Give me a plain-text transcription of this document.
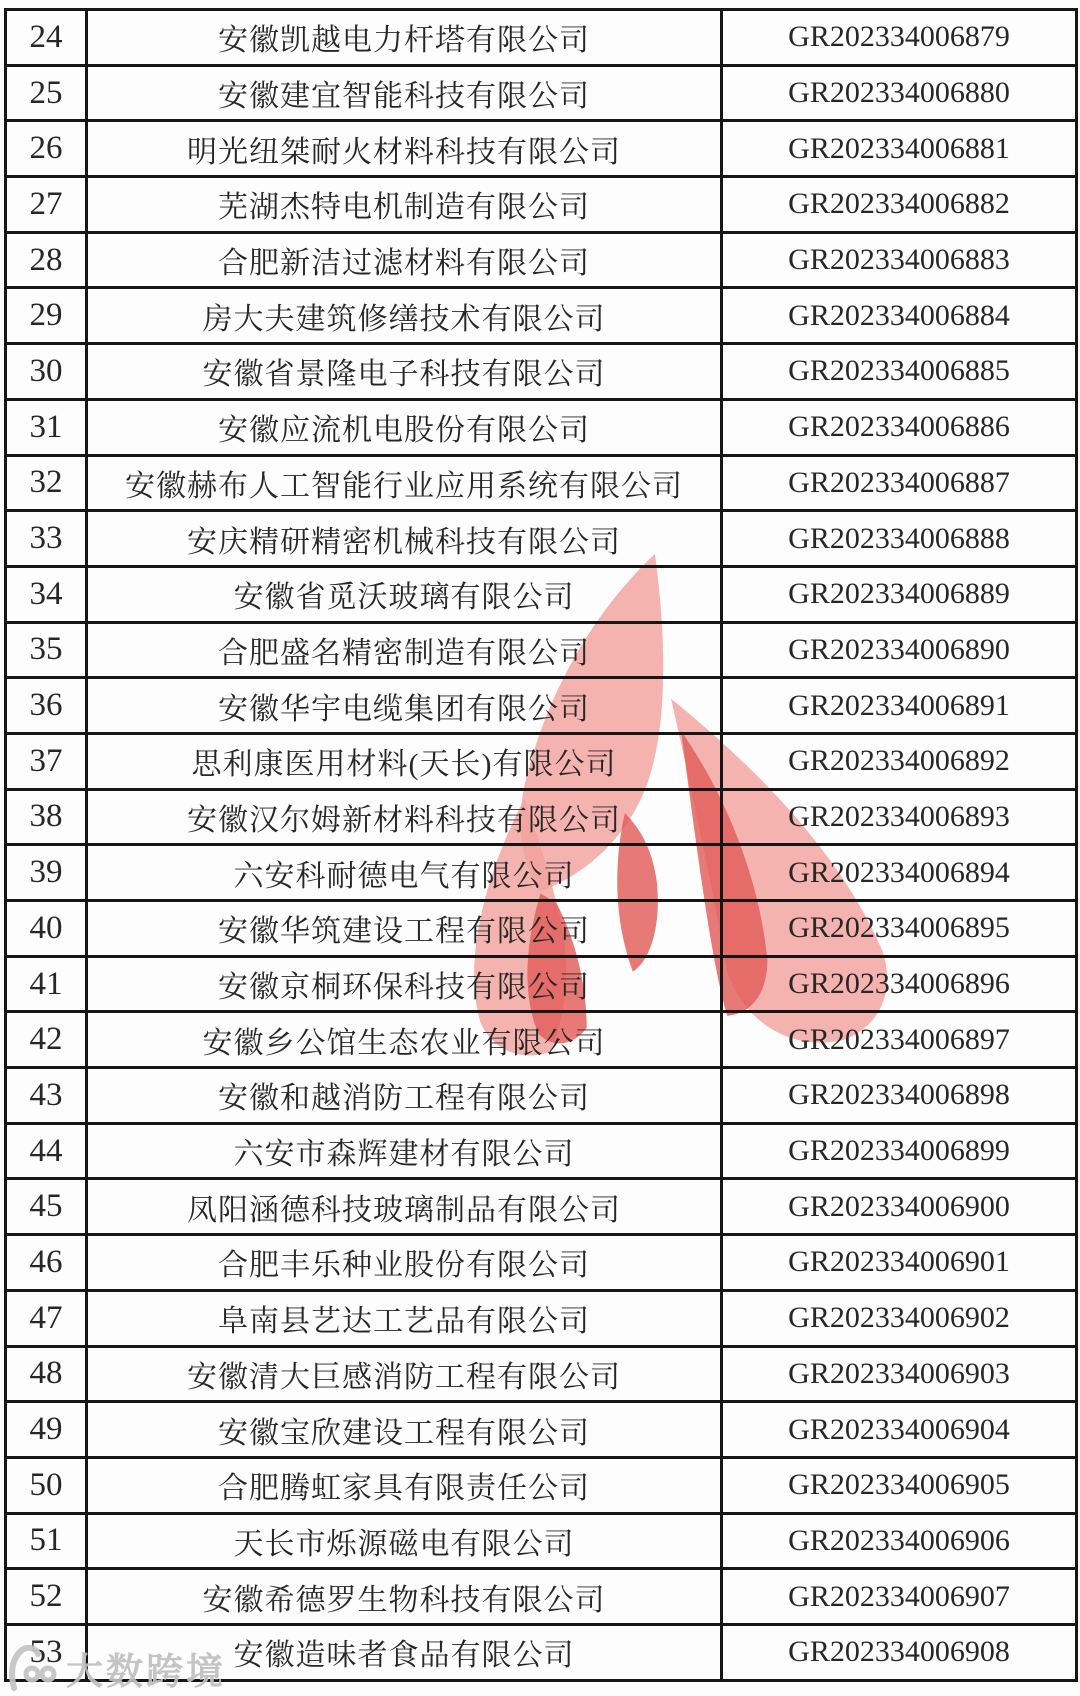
24	安徽凯越电力杆塔有限公司	GR202334006879
25	安徽建宜智能科技有限公司	GR202334006880
26	明光纽桀耐火材料科技有限公司	GR202334006881
27	芜湖杰特电机制造有限公司	GR202334006882
28	合肥新洁过滤材料有限公司	GR202334006883
29	房大夫建筑修缮技术有限公司	GR202334006884
30	安徽省景隆电子科技有限公司	GR202334006885
31	安徽应流机电股份有限公司	GR202334006886
32	安徽赫布人工智能行业应用系统有限公司	GR202334006887
33	安庆精研精密机械科技有限公司	GR202334006888
34	安徽省觅沃玻璃有限公司	GR202334006889
35	合肥盛名精密制造有限公司	GR202334006890
36	安徽华宇电缆集团有限公司	GR202334006891
37	思利康医用材料(天长)有限公司	GR202334006892
38	安徽汉尔姆新材料科技有限公司	GR202334006893
39	六安科耐德电气有限公司	GR202334006894
40	安徽华筑建设工程有限公司	GR202334006895
41	安徽京桐环保科技有限公司	GR202334006896
42	安徽乡公馆生态农业有限公司	GR202334006897
43	安徽和越消防工程有限公司	GR202334006898
44	六安市森辉建材有限公司	GR202334006899
45	凤阳涵德科技玻璃制品有限公司	GR202334006900
46	合肥丰乐种业股份有限公司	GR202334006901
47	阜南县艺达工艺品有限公司	GR202334006902
48	安徽清大巨感消防工程有限公司	GR202334006903
49	安徽宝欣建设工程有限公司	GR202334006904
50	合肥腾虹家具有限责任公司	GR202334006905
51	天长市烁源磁电有限公司	GR202334006906
52	安徽希德罗生物科技有限公司	GR202334006907
53	安徽造味者食品有限公司	GR202334006908
大数跨境
